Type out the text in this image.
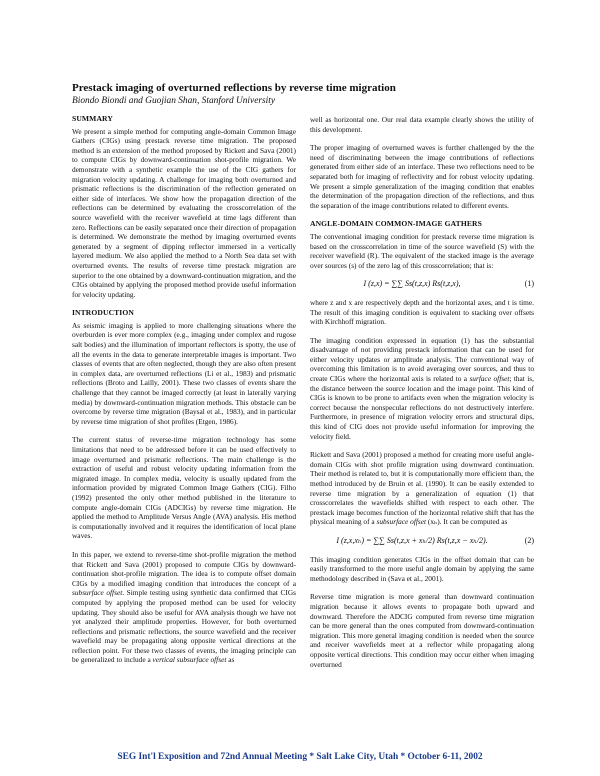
Prestack imaging of overturned reflections by reverse time migration
Biondo Biondi and Guojian Shan, Stanford University
SUMMARY

We present a simple method for computing angle-domain Common Image Gathers (CIGs) using prestack reverse time migration. The proposed method is an extension of the method proposed by Rickett and Sava (2001) to compute CIGs by downward-continuation shot-profile migration. We demonstrate with a synthetic example the use of the CIG gathers for migration velocity updating. A challenge for imaging both overturned and prismatic reflections is the discrimination of the reflection generated on either side of interfaces. We show how the propagation direction of the reflections can be determined by evaluating the crosscorrelation of the source wavefield with the receiver wavefield at time lags different than zero. Reflections can be easily separated once their direction of propagation is determined. We demonstrate the method by imaging overturned events generated by a segment of dipping reflector immersed in a vertically layered medium. We also applied the method to a North Sea data set with overturned events. The results of reverse time prestack migration are superior to the one obtained by a downward-continuation migration, and the CIGs obtained by applying the proposed method provide useful information for velocity updating.

INTRODUCTION

As seismic imaging is applied to more challenging situations where the overburden is ever more complex (e.g., imaging under complex and rugose salt bodies) and the illumination of important reflectors is spotty, the use of all the events in the data to generate interpretable images is important. Two classes of events that are often neglected, though they are also often present in complex data, are overturned reflections (Li et al., 1983) and prismatic reflections (Broto and Lailly, 2001). These two classes of events share the challenge that they cannot be imaged correctly (at least in laterally varying media) by downward-continuation migration methods. This obstacle can be overcome by reverse time migration (Baysal et al., 1983), and in particular by reverse time migration of shot profiles (Etgen, 1986).

The current status of reverse-time migration technology has some limitations that need to be addressed before it can be used effectively to image overturned and prismatic reflections. The main challenge is the extraction of useful and robust velocity updating information from the migrated image. In complex media, velocity is usually updated from the information provided by migrated Common Image Gathers (CIG). Filho (1992) presented the only other method published in the literature to compute angle-domain CIGs (ADCIGs) by reverse time migration. He applied the method to Amplitude Versus Angle (AVA) analysis. His method is computationally involved and it requires the identification of local plane waves.

In this paper, we extend to reverse-time shot-profile migration the method that Rickett and Sava (2001) proposed to compute CIGs by downward-continuation shot-profile migration. The idea is to compute offset domain CIGs by a modified imaging condition that introduces the concept of a subsurface offset. Simple testing using synthetic data confirmed that CIGs computed by applying the proposed method can be used for velocity updating. They should also be useful for AVA analysis though we have not yet analyzed their amplitude properties. However, for both overturned reflections and prismatic reflections, the source wavefield and the receiver wavefield may be propagating along opposite vertical directions at the reflection point. For these two classes of events, the imaging principle can be generalized to include a vertical subsurface offset as

well as horizontal one. Our real data example clearly shows the utility of this development.

The proper imaging of overturned waves is further challenged by the the need of discriminating between the image contributions of reflections generated from either side of an interface. These two reflections need to be separated both for imaging of reflectivity and for robust velocity updating. We present a simple generalization of the imaging condition that enables the determination of the propagation direction of the reflections, and thus the separation of the image contributions related to different events.

ANGLE-DOMAIN COMMON-IMAGE GATHERS

The conventional imaging condition for prestack reverse time migration is based on the crosscorrelation in time of the source wavefield (S) with the receiver wavefield (R). The equivalent of the stacked image is the average over sources (s) of the zero lag of this crosscorrelation; that is:

I (z,x) = ∑∑ Ss(t,z,x) Rs(t,z,x),	(1)

where z and x are respectively depth and the horizontal axes, and t is time. The result of this imaging condition is equivalent to stacking over offsets with Kirchhoff migration.

The imaging condition expressed in equation (1) has the substantial disadvantage of not providing prestack information that can be used for either velocity updates or amplitude analysis. The conventional way of overcoming this limitation is to avoid averaging over sources, and thus to create CIGs where the horizontal axis is related to a surface offset; that is, the distance between the source location and the image point. This kind of CIGs is known to be prone to artifacts even when the migration velocity is correct because the nonspecular reflections do not destructively interfere. Furthermore, in presence of migration velocity errors and structural dips, this kind of CIG does not provide useful information for improving the velocity field.

Rickett and Sava (2001) proposed a method for creating more useful angle-domain CIGs with shot profile migration using downward continuation. Their method is related to, but it is computationally more efficient than, the method introduced by de Bruin et al. (1990). It can be easily extended to reverse time migration by a generalization of equation (1) that crosscorrelates the wavefields shifted with respect to each other. The prestack image becomes function of the horizontal relative shift that has the physical meaning of a subsurface offset (xₕ). It can be computed as

I (z,x,xₕ) = ∑∑ Ss(t,z,x + xₕ/2) Rs(t,z,x − xₕ/2).	(2)

This imaging condition generates CIGs in the offset domain that can be easily transformed to the more useful angle domain by applying the same methodology described in (Sava et al., 2001).

Reverse time migration is more general than downward continuation migration because it allows events to propagate both upward and downward. Therefore the ADCIG computed from reverse time migration can be more general than the ones computed from downward-continuation migration. This more general imaging condition is needed when the source and receiver wavefields meet at a reflector while propagating along opposite vertical directions. This condition may occur either when imaging overturned

SEG Int'l Exposition and 72nd Annual Meeting * Salt Lake City, Utah * October 6-11, 2002
